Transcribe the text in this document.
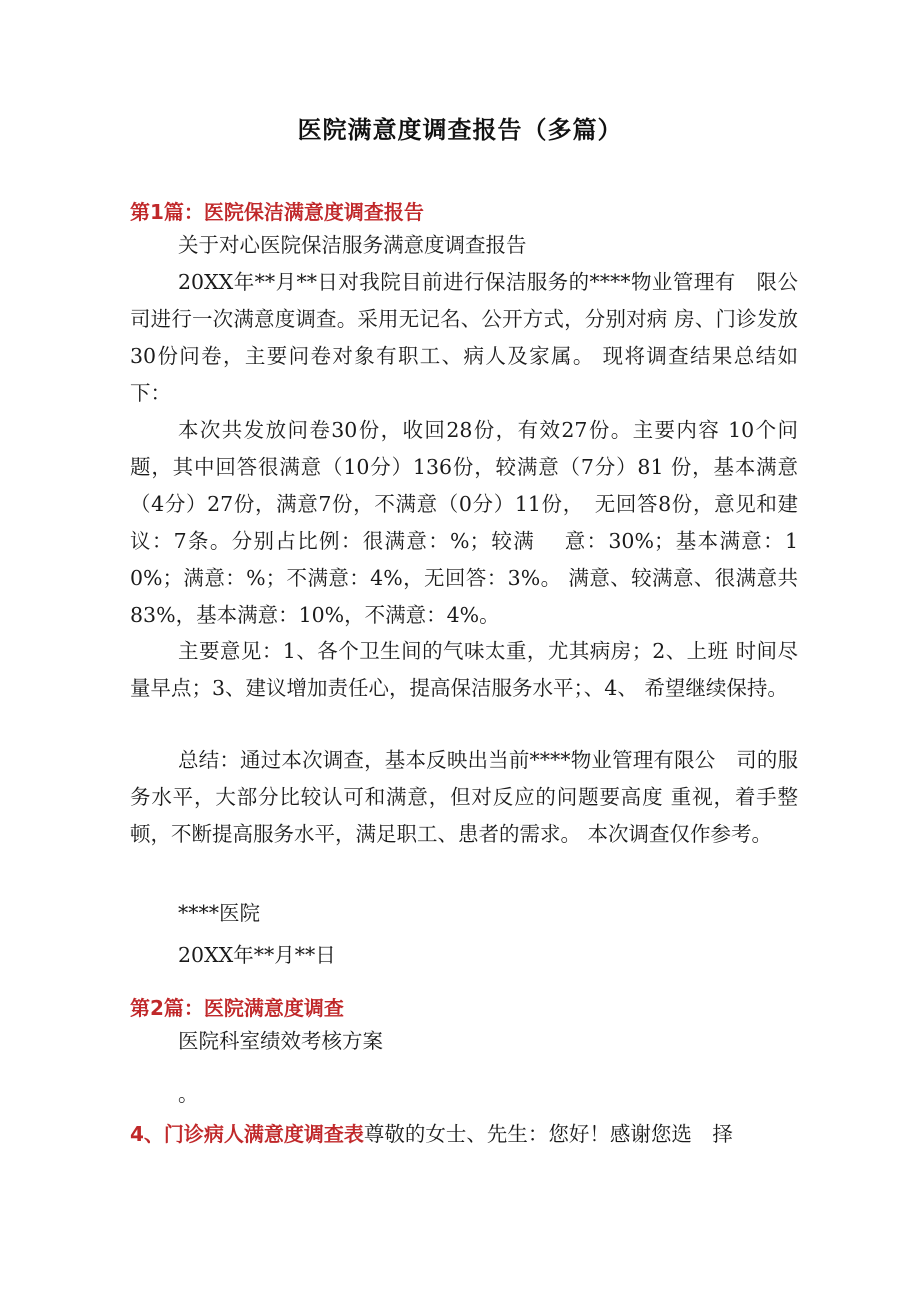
医院满意度调查报告（多篇）
第1篇：医院保洁满意度调查报告
关于对心医院保洁服务满意度调查报告
20XX年**月**日对我院目前进行保洁服务的****物业管理有　限公司进行一次满意度调查。采用无记名、公开方式，分别对病 房、门诊发放30份问卷，主要问卷对象有职工、病人及家属。 现将调查结果总结如下：
本次共发放问卷30份，收回28份，有效27份。主要内容 10个问题，其中回答很满意（10分）136份，较满意（7分）81 份，基本满意（4分）27份，满意7份，不满意（0分）11份，　无回答8份，意见和建议：7条。分别占比例：很满意：%；较满　 意：30%；基本满意：10%；满意：%；不满意：4%，无回答：3%。 满意、较满意、很满意共83%，基本满意：10%，不满意：4%。
主要意见：1、各个卫生间的气味太重，尤其病房；2、上班 时间尽量早点；3、建议增加责任心，提高保洁服务水平；、4、 希望继续保持。
总结：通过本次调查，基本反映出当前****物业管理有限公　司的服务水平，大部分比较认可和满意，但对反应的问题要高度 重视，着手整顿，不断提高服务水平，满足职工、患者的需求。 本次调查仅作参考。
****医院
20XX年**月**日
第2篇：医院满意度调查
医院科室绩效考核方案
。
4、门诊病人满意度调查表尊敬的女士、先生：您好！感谢您选　择
